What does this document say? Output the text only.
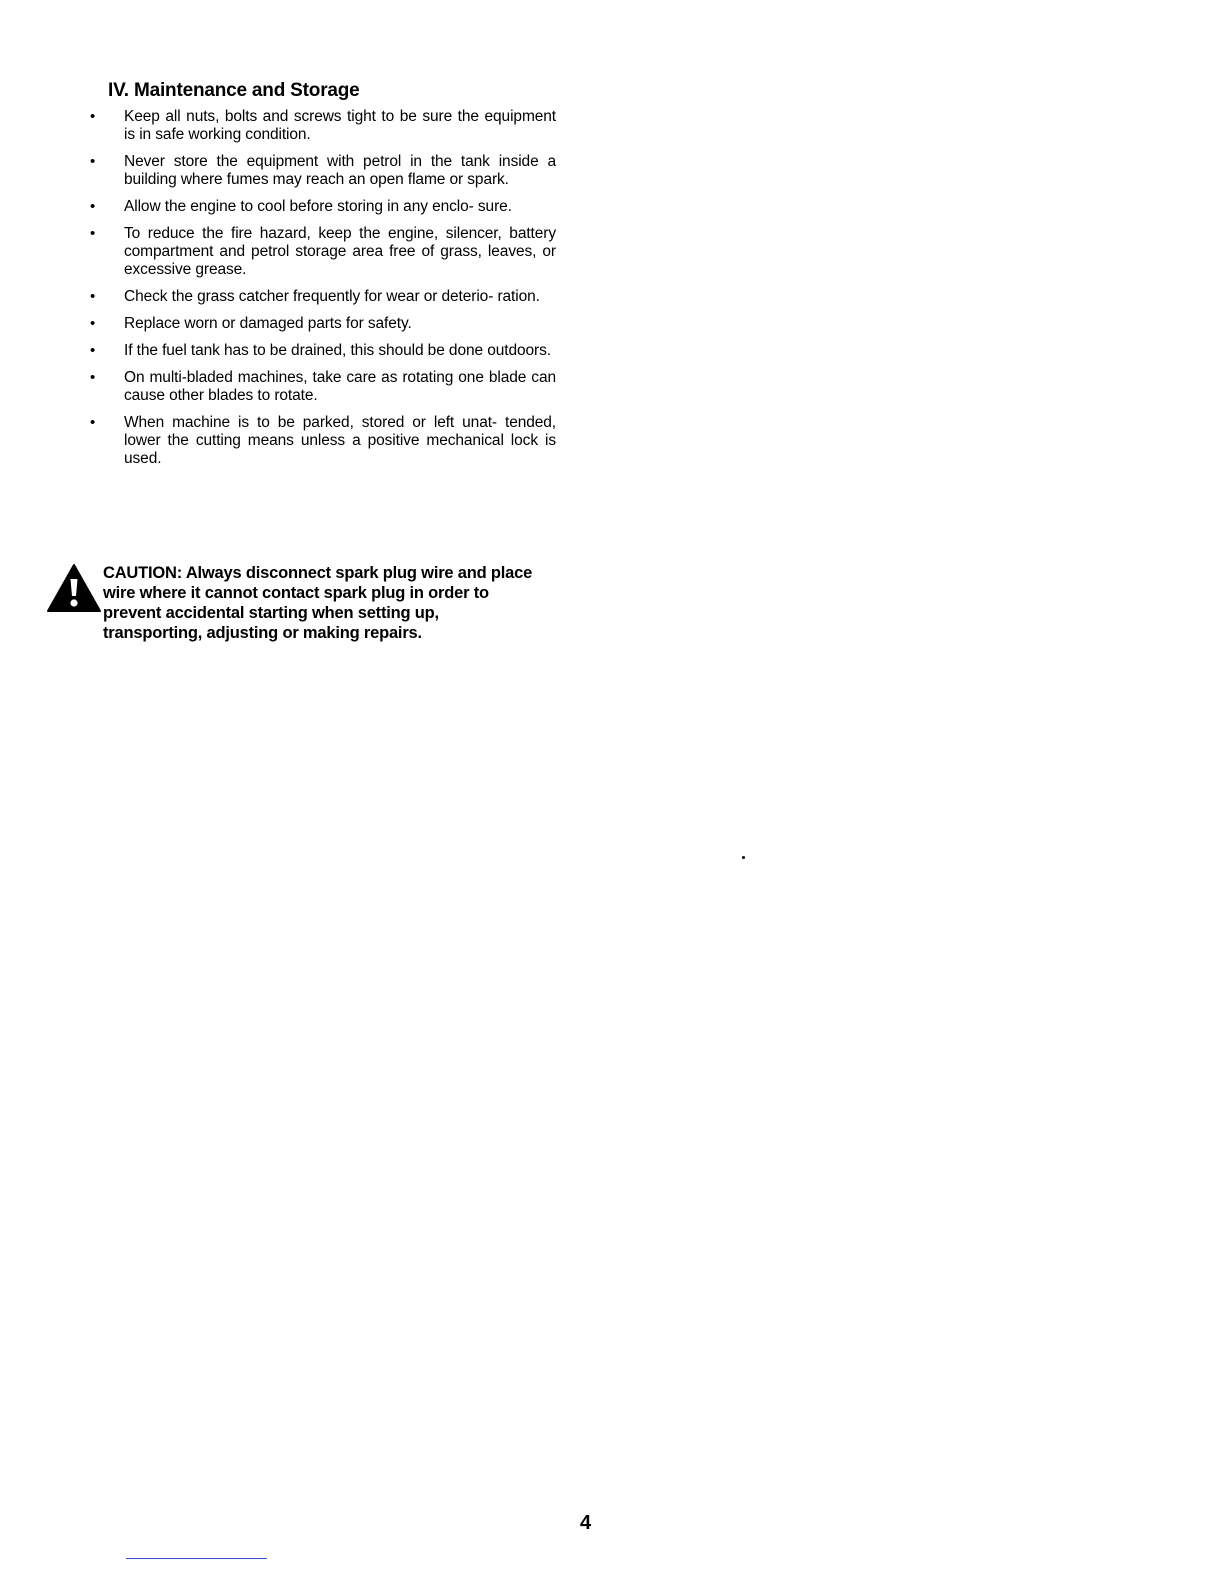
IV. Maintenance and Storage
• Keep all nuts, bolts and screws tight to be sure the equipment is in safe working condition.
• Never store the equipment with petrol in the tank inside a building where fumes may reach an open flame or spark.
• Allow the engine to cool before storing in any enclo- sure.
• To reduce the fire hazard, keep the engine, silencer, battery compartment and petrol storage area free of grass, leaves, or excessive grease.
• Check the grass catcher frequently for wear or deterio- ration.
• Replace worn or damaged parts for safety.
• If the fuel tank has to be drained, this should be done outdoors.
• On multi-bladed machines, take care as rotating one blade can cause other blades to rotate.
• When machine is to be parked, stored or left unat- tended, lower the cutting means unless a positive mechanical lock is used.
CAUTION: Always disconnect spark plug wire and place wire where it cannot contact spark plug in order to prevent accidental starting when setting up, transporting, adjusting or making repairs.
4
